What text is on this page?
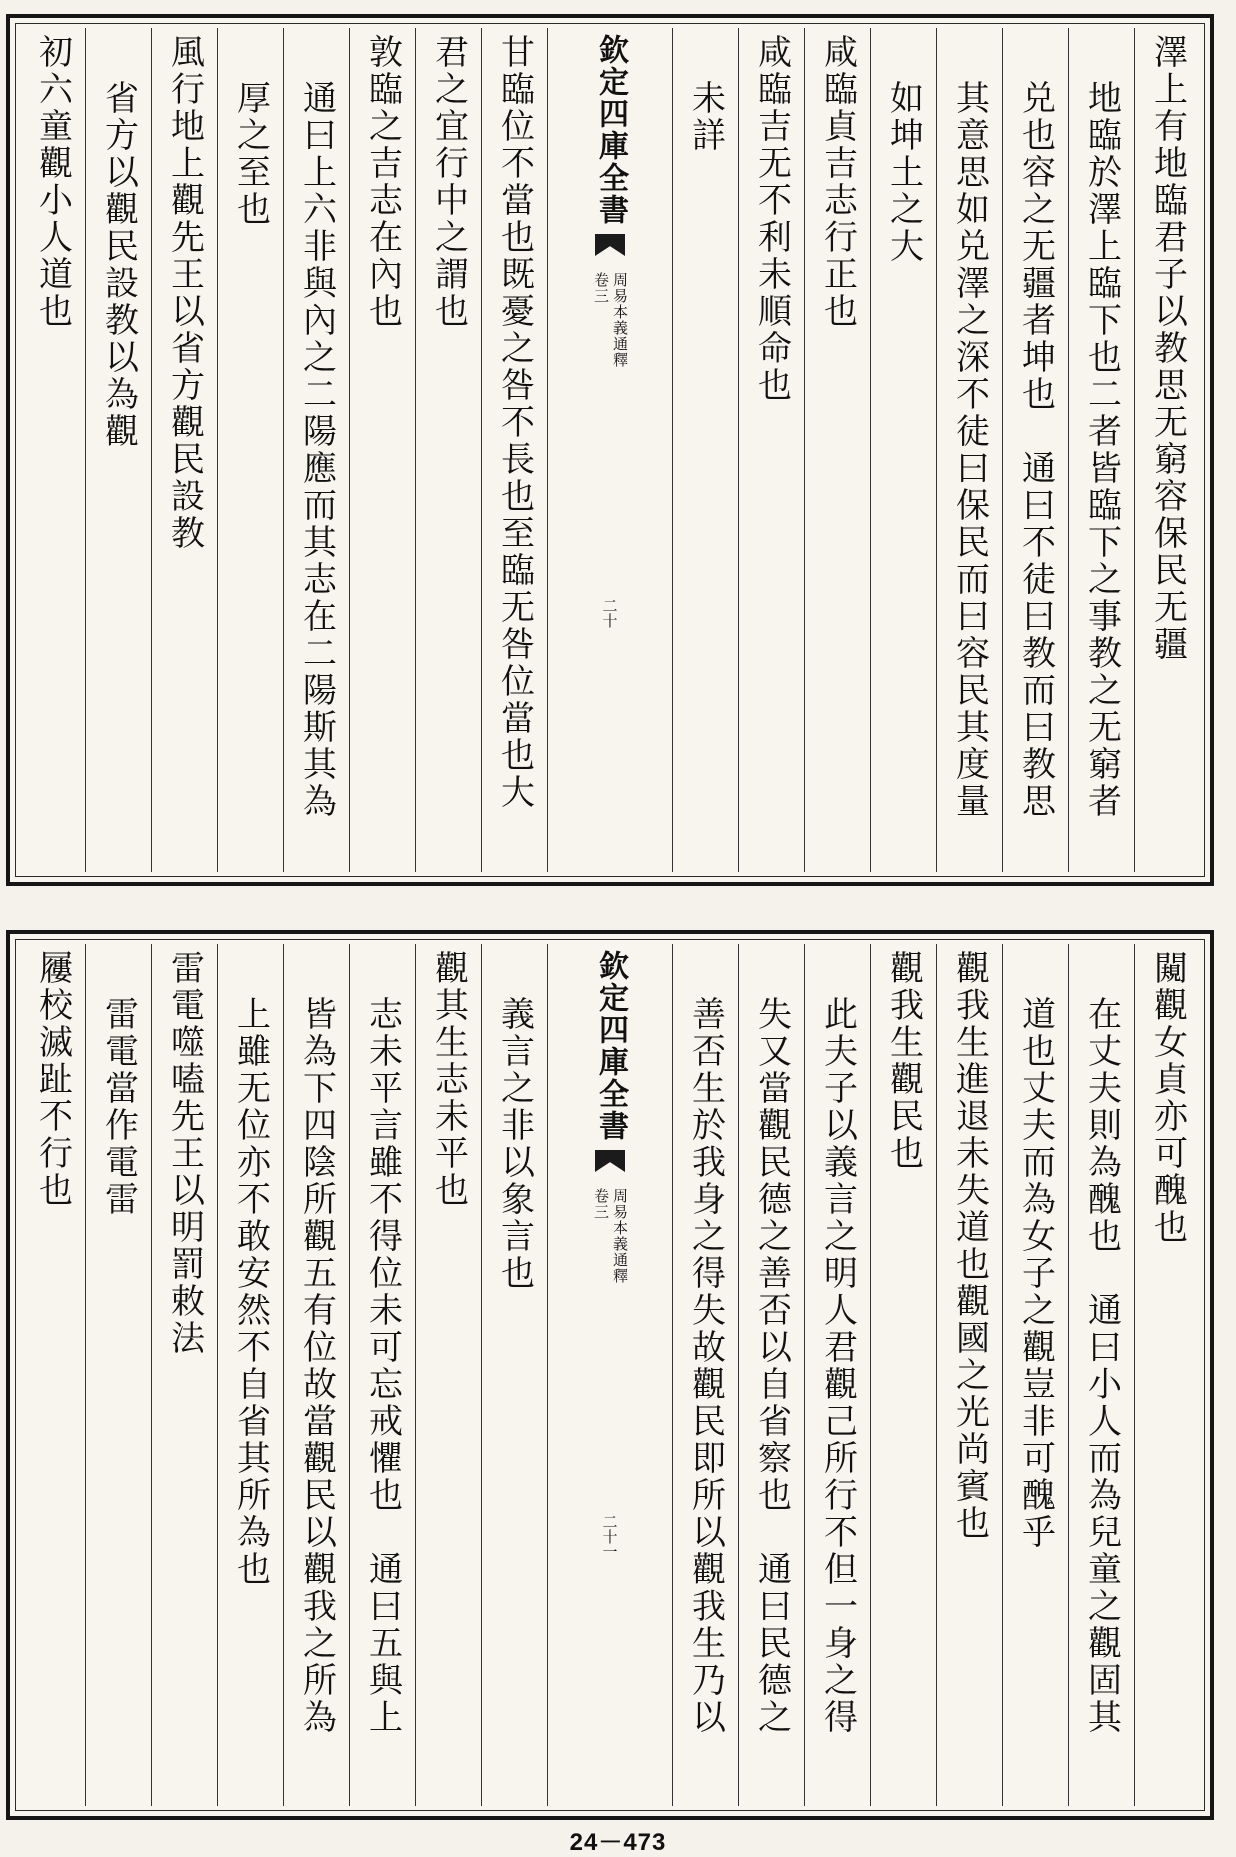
澤上有地臨君子以教思无窮容保民无疆
地臨於澤上臨下也二者皆臨下之事教之无窮者
兑也容之无疆者坤也　通曰不徒曰教而曰教思
其意思如兑澤之深不徒曰保民而曰容民其度量
如坤土之大
咸臨貞吉志行正也
咸臨吉无不利未順命也
未詳
欽定四庫全書
周易本義通釋
卷三
二十
甘臨位不當也既憂之咎不長也至臨无咎位當也大
君之宜行中之謂也
敦臨之吉志在內也
通曰上六非與內之二陽應而其志在二陽斯其為
厚之至也
風行地上觀先王以省方觀民設教
省方以觀民設教以為觀
初六童觀小人道也
闚觀女貞亦可醜也
在丈夫則為醜也　通曰小人而為兒童之觀固其
道也丈夫而為女子之觀豈非可醜乎
觀我生進退未失道也觀國之光尚賓也
觀我生觀民也
此夫子以義言之明人君觀己所行不但一身之得
失又當觀民德之善否以自省察也　通曰民德之
善否生於我身之得失故觀民即所以觀我生乃以
欽定四庫全書
周易本義通釋
卷三
二十一
義言之非以象言也
觀其生志未平也
志未平言雖不得位未可忘戒懼也　通曰五與上
皆為下四陰所觀五有位故當觀民以觀我之所為
上雖无位亦不敢安然不自省其所為也
雷電噬嗑先王以明罰敕法
雷電當作電雷
屨校滅趾不行也
24－473
